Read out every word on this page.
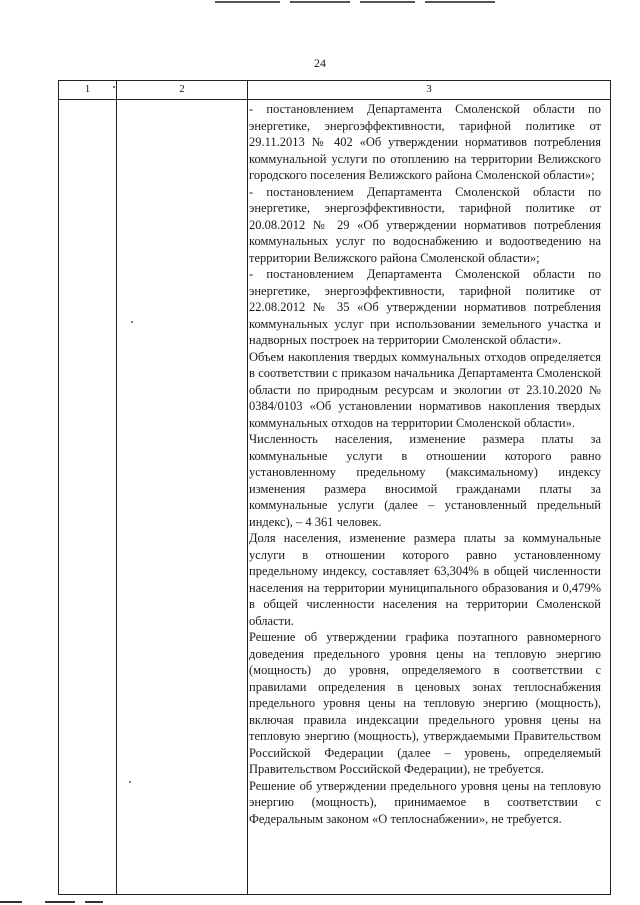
24
1	2	3

- постановлением Департамента Смоленской области по энергетике, энергоэффективности, тарифной политике от 29.11.2013 № 402 «Об утверждении нормативов потребления коммунальной услуги по отоплению на территории Велижского городского поселения Велижского района Смоленской области»;

- постановлением Департамента Смоленской области по энергетике, энергоэффективности, тарифной политике от 20.08.2012 № 29 «Об утверждении нормативов потребления коммунальных услуг по водоснабжению и водоотведению на территории Велижского района Смоленской области»;

- постановлением Департамента Смоленской области по энергетике, энергоэффективности, тарифной политике от 22.08.2012 № 35 «Об утверждении нормативов потребления коммунальных услуг при использовании земельного участка и надворных построек на территории Смоленской области».

Объем накопления твердых коммунальных отходов определяется в соответствии с приказом начальника Департамента Смоленской области по природным ресурсам и экологии от 23.10.2020 № 0384/0103 «Об установлении нормативов накопления твердых коммунальных отходов на территории Смоленской области».

Численность населения, изменение размера платы за коммунальные услуги в отношении которого равно установленному предельному (максимальному) индексу изменения размера вносимой гражданами платы за коммунальные услуги (далее – установленный предельный индекс), – 4 361 человек.

Доля населения, изменение размера платы за коммунальные услуги в отношении которого равно установленному предельному индексу, составляет 63,304% в общей численности населения на территории муниципального образования и 0,479% в общей численности населения на территории Смоленской области.

Решение об утверждении графика поэтапного равномерного доведения предельного уровня цены на тепловую энергию (мощность) до уровня, определяемого в соответствии с правилами определения в ценовых зонах теплоснабжения предельного уровня цены на тепловую энергию (мощность), включая правила индексации предельного уровня цены на тепловую энергию (мощность), утверждаемыми Правительством Российской Федерации (далее – уровень, определяемый Правительством Российской Федерации), не требуется.

Решение об утверждении предельного уровня цены на тепловую энергию (мощность), принимаемое в соответствии с Федеральным законом «О теплоснабжении», не требуется.
